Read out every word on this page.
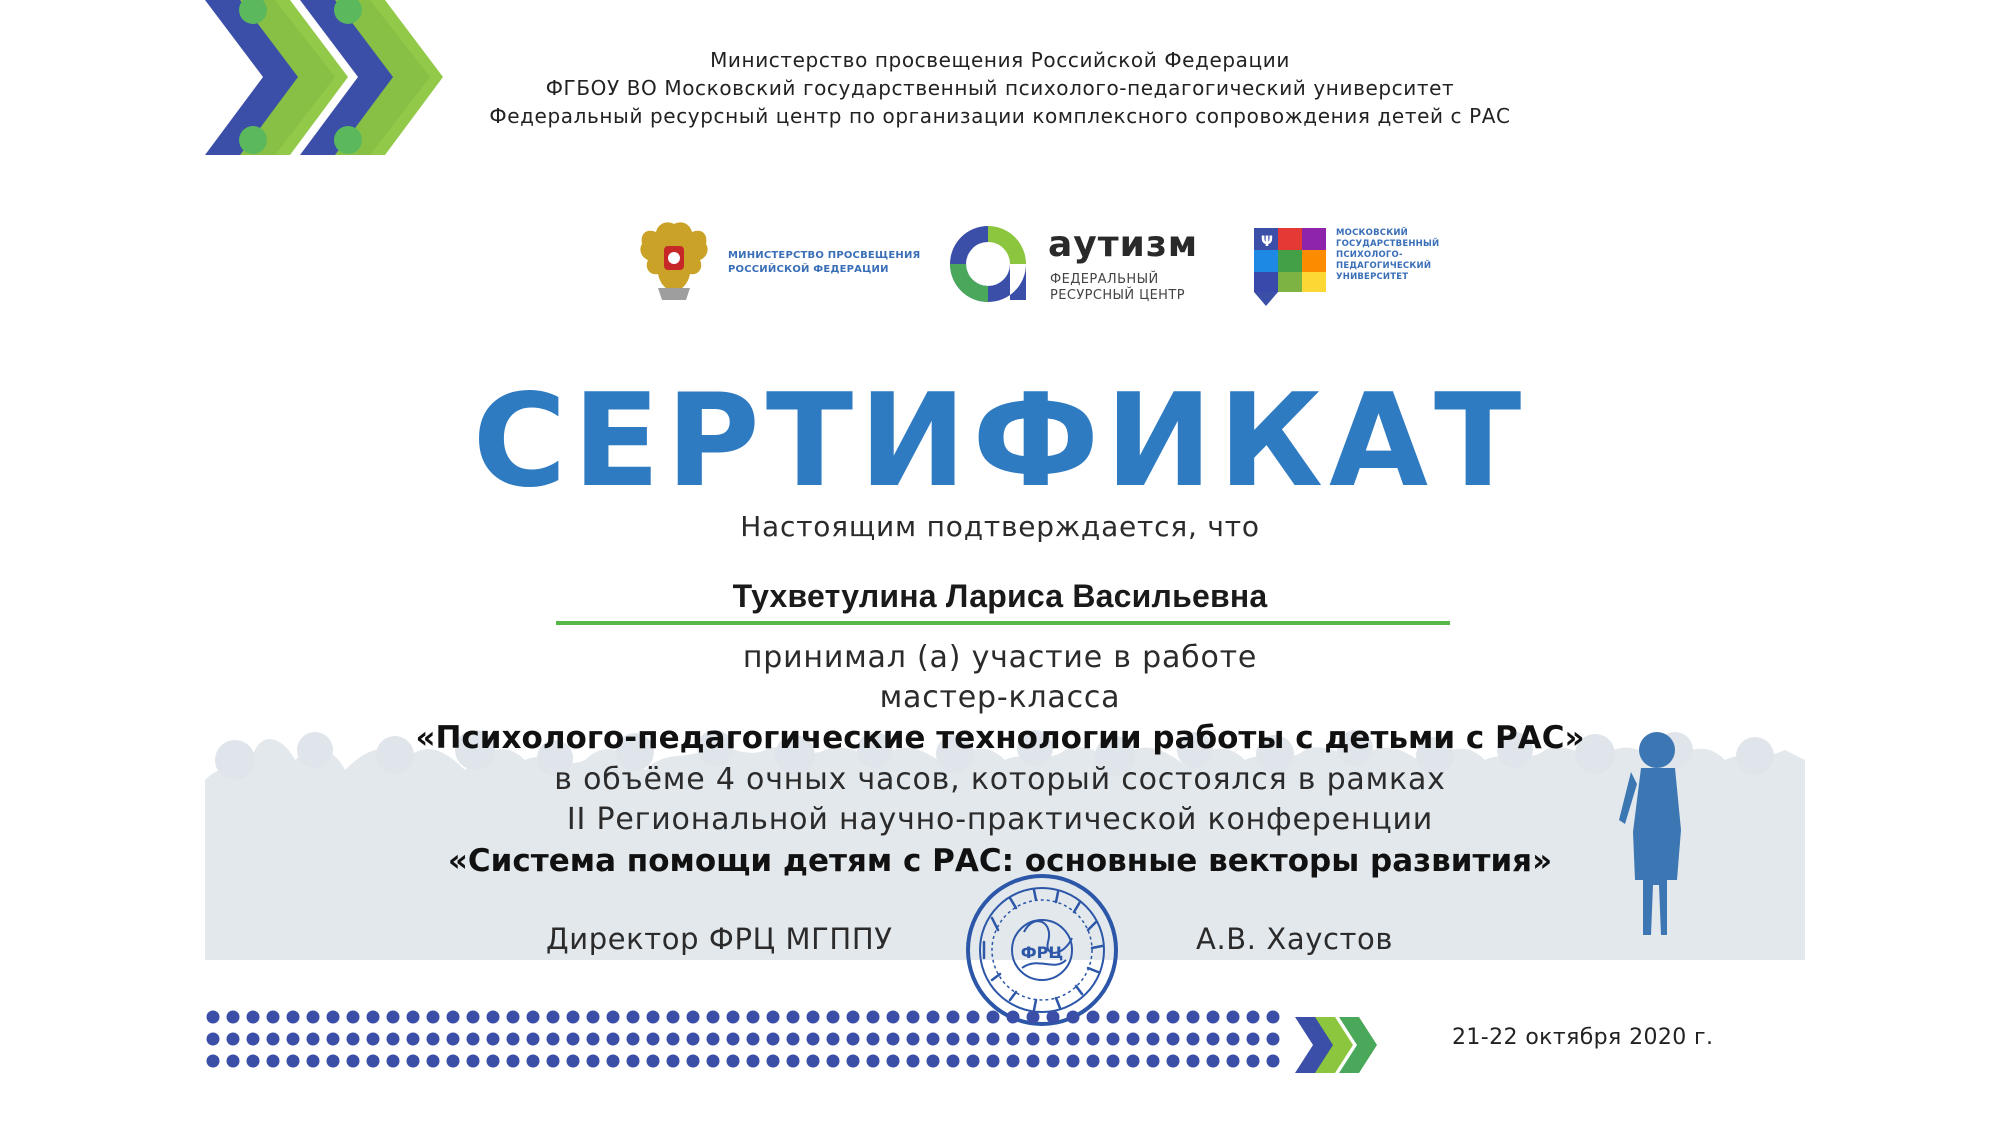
Министерство просвещения Российской Федерации
ФГБОУ ВО Московский государственный психолого-педагогический университет
Федеральный ресурсный центр по организации комплексного сопровождения детей с РАС
МИНИСТЕРСТВО ПРОСВЕЩЕНИЯ
РОССИЙСКОЙ ФЕДЕРАЦИИ
аутизм
ФЕДЕРАЛЬНЫЙ
РЕСУРСНЫЙ ЦЕНТР
Ψ
МОСКОВСКИЙ
ГОСУДАРСТВЕННЫЙ
ПСИХОЛОГО-
ПЕДАГОГИЧЕСКИЙ
УНИВЕРСИТЕТ
СЕРТИФИКАТ
Настоящим подтверждается, что
Тухветулина Лариса Васильевна
принимал (а) участие в работе
мастер-класса
«Психолого-педагогические технологии работы с детьми с РАС»
в объёме 4 очных часов, который состоялся в рамках
II Региональной научно-практической конференции
«Система помощи детям с РАС: основные векторы развития»
Директор ФРЦ МГППУ	А.В. Хаустов
ФРЦ
21-22 октября 2020 г.
